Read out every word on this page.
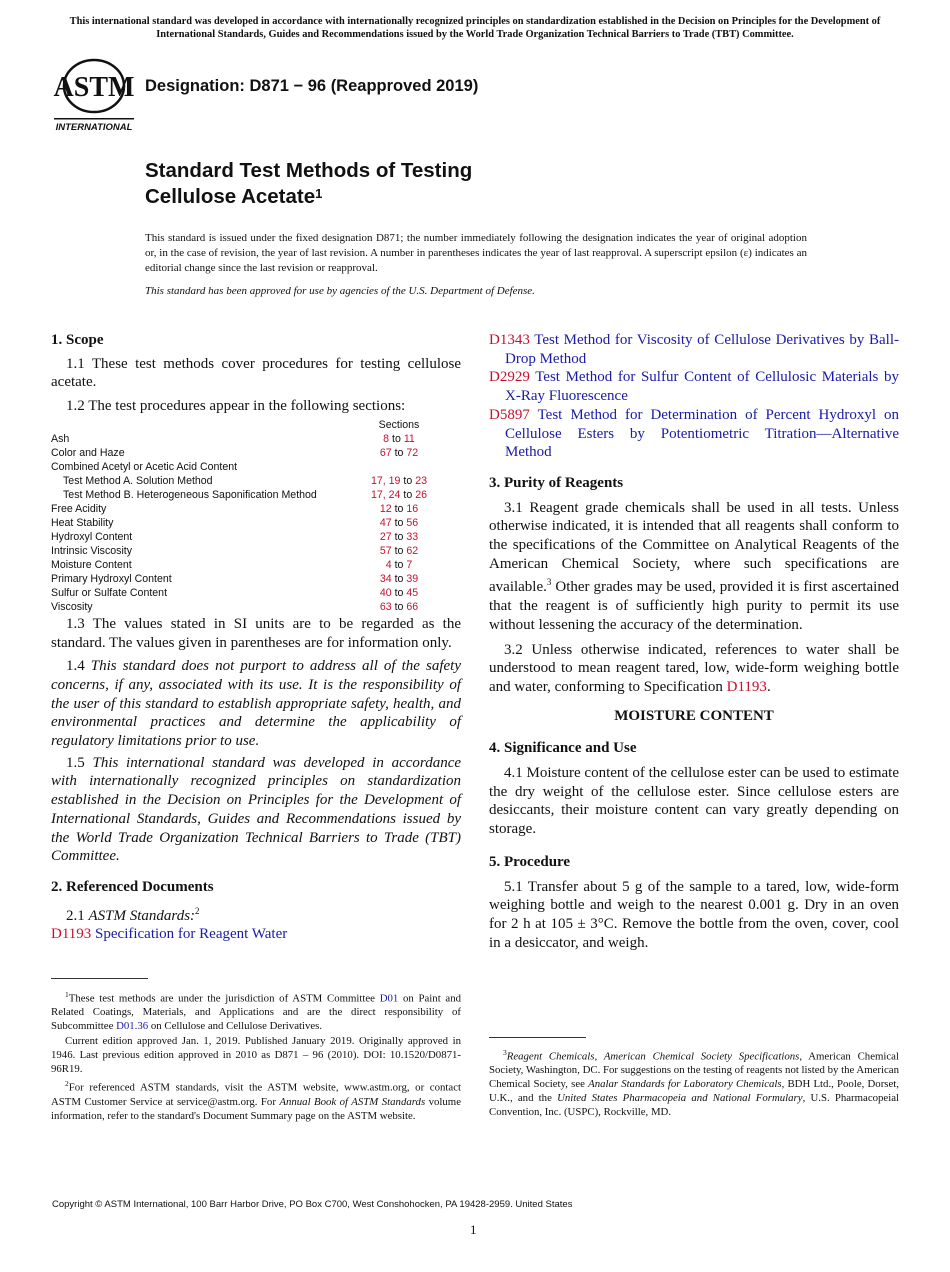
This international standard was developed in accordance with internationally recognized principles on standardization established in the Decision on Principles for the Development of International Standards, Guides and Recommendations issued by the World Trade Organization Technical Barriers to Trade (TBT) Committee.
ASTM
INTERNATIONAL
Designation: D871 − 96 (Reapproved 2019)
Standard Test Methods of Testing
Cellulose Acetate$^1$
This standard is issued under the fixed designation D871; the number immediately following the designation indicates the year of original adoption or, in the case of revision, the year of last revision. A number in parentheses indicates the year of last reapproval. A superscript epsilon (ε) indicates an editorial change since the last revision or reapproval.
This standard has been approved for use by agencies of the U.S. Department of Defense.
1. Scope

1.1 These test methods cover procedures for testing cellulose acetate.

1.2 The test procedures appear in the following sections:

	Sections
Ash	8 to 11
Color and Haze	67 to 72
Combined Acetyl or Acetic Acid Content	
Test Method A. Solution Method	17, 19 to 23
Test Method B. Heterogeneous Saponification Method	17, 24 to 26
Free Acidity	12 to 16
Heat Stability	47 to 56
Hydroxyl Content	27 to 33
Intrinsic Viscosity	57 to 62
Moisture Content	4 to 7
Primary Hydroxyl Content	34 to 39
Sulfur or Sulfate Content	40 to 45
Viscosity	63 to 66

1.3 The values stated in SI units are to be regarded as the standard. The values given in parentheses are for information only.

1.4 This standard does not purport to address all of the safety concerns, if any, associated with its use. It is the responsibility of the user of this standard to establish appropriate safety, health, and environmental practices and determine the applicability of regulatory limitations prior to use.

1.5 This international standard was developed in accordance with internationally recognized principles on standardization established in the Decision on Principles for the Development of International Standards, Guides and Recommendations issued by the World Trade Organization Technical Barriers to Trade (TBT) Committee.

2. Referenced Documents

2.1 ASTM Standards:$^2$

D1193 Specification for Reagent Water

$^1$These test methods are under the jurisdiction of ASTM Committee D01 on Paint and Related Coatings, Materials, and Applications and are the direct responsibility of Subcommittee D01.36 on Cellulose and Cellulose Derivatives.

Current edition approved Jan. 1, 2019. Published January 2019. Originally approved in 1946. Last previous edition approved in 2010 as D871 – 96 (2010). DOI: 10.1520/D0871-96R19.

$^2$For referenced ASTM standards, visit the ASTM website, www.astm.org, or contact ASTM Customer Service at service@astm.org. For Annual Book of ASTM Standards volume information, refer to the standard's Document Summary page on the ASTM website.

D1343 Test Method for Viscosity of Cellulose Derivatives by Ball-Drop Method

D2929 Test Method for Sulfur Content of Cellulosic Materials by X-Ray Fluorescence

D5897 Test Method for Determination of Percent Hydroxyl on Cellulose Esters by Potentiometric Titration—Alternative Method

3. Purity of Reagents

3.1 Reagent grade chemicals shall be used in all tests. Unless otherwise indicated, it is intended that all reagents shall conform to the specifications of the Committee on Analytical Reagents of the American Chemical Society, where such specifications are available.$^3$ Other grades may be used, provided it is first ascertained that the reagent is of sufficiently high purity to permit its use without lessening the accuracy of the determination.

3.2 Unless otherwise indicated, references to water shall be understood to mean reagent tared, low, wide-form weighing bottle and water, conforming to Specification D1193.

MOISTURE CONTENT
4. Significance and Use

4.1 Moisture content of the cellulose ester can be used to estimate the dry weight of the cellulose ester. Since cellulose esters are desiccants, their moisture content can vary greatly depending on storage.

5. Procedure

5.1 Transfer about 5 g of the sample to a tared, low, wide-form weighing bottle and weigh to the nearest 0.001 g. Dry in an oven for 2 h at 105 ± 3°C. Remove the bottle from the oven, cover, cool in a desiccator, and weigh.

$^3$Reagent Chemicals, American Chemical Society Specifications, American Chemical Society, Washington, DC. For suggestions on the testing of reagents not listed by the American Chemical Society, see Analar Standards for Laboratory Chemicals, BDH Ltd., Poole, Dorset, U.K., and the United States Pharmacopeia and National Formulary, U.S. Pharmacopeial Convention, Inc. (USPC), Rockville, MD.

Copyright © ASTM International, 100 Barr Harbor Drive, PO Box C700, West Conshohocken, PA 19428-2959. United States
1
